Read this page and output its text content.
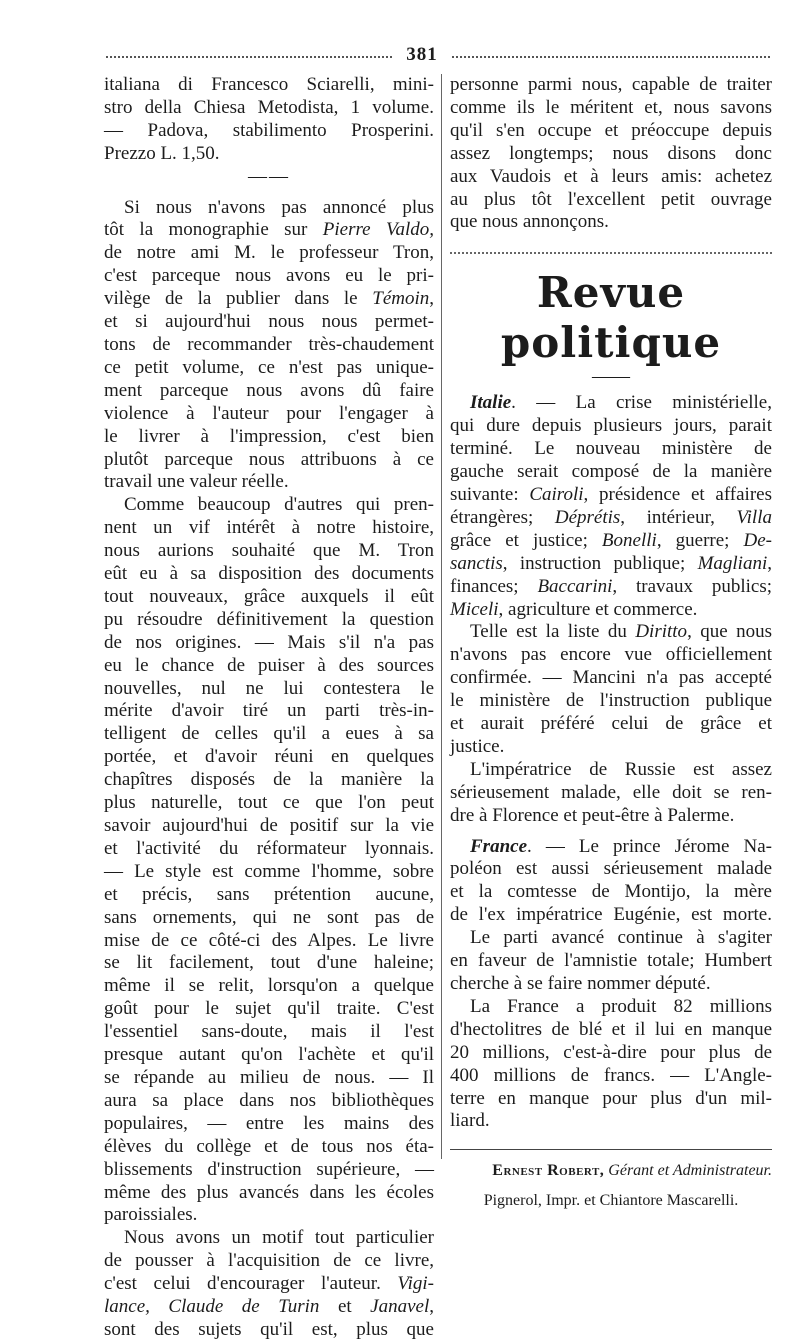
381
italiana di Francesco Sciarelli, mini-
stro della Chiesa Metodista, 1 volume.
— Padova, stabilimento Prosperini.
Prezzo L. 1,50.
——
Si nous n'avons pas annoncé plus
tôt la monographie sur Pierre Valdo,
de notre ami M. le professeur Tron,
c'est parceque nous avons eu le pri-
vilège de la publier dans le Témoin,
et si aujourd'hui nous nous permet-
tons de recommander très-chaudement
ce petit volume, ce n'est pas unique-
ment parceque nous avons dû faire
violence à l'auteur pour l'engager à
le livrer à l'impression, c'est bien
plutôt parceque nous attribuons à ce
travail une valeur réelle.
Comme beaucoup d'autres qui pren-
nent un vif intérêt à notre histoire,
nous aurions souhaité que M. Tron
eût eu à sa disposition des documents
tout nouveaux, grâce auxquels il eût
pu résoudre définitivement la question
de nos origines. — Mais s'il n'a pas
eu le chance de puiser à des sources
nouvelles, nul ne lui contestera le
mérite d'avoir tiré un parti très-in-
telligent de celles qu'il a eues à sa
portée, et d'avoir réuni en quelques
chapîtres disposés de la manière la
plus naturelle, tout ce que l'on peut
savoir aujourd'hui de positif sur la vie
et l'activité du réformateur lyonnais.
— Le style est comme l'homme, sobre
et précis, sans prétention aucune,
sans ornements, qui ne sont pas de
mise de ce côté-ci des Alpes. Le livre
se lit facilement, tout d'une haleine;
même il se relit, lorsqu'on a quelque
goût pour le sujet qu'il traite. C'est
l'essentiel sans-doute, mais il l'est
presque autant qu'on l'achète et qu'il
se répande au milieu de nous. — Il
aura sa place dans nos bibliothèques
populaires, — entre les mains des
élèves du collège et de tous nos éta-
blissements d'instruction supérieure, —
même des plus avancés dans les écoles
paroissiales.
Nous avons un motif tout particulier
de pousser à l'acquisition de ce livre,
c'est celui d'encourager l'auteur. Vigi-
lance, Claude de Turin et Janavel,
sont des sujets qu'il est, plus que
personne parmi nous, capable de traiter
comme ils le méritent et, nous savons
qu'il s'en occupe et préoccupe depuis
assez longtemps; nous disons donc
aux Vaudois et à leurs amis: achetez
au plus tôt l'excellent petit ouvrage
que nous annonçons.
Revue politique
——
Italie. — La crise ministérielle,
qui dure depuis plusieurs jours, parait
terminé. Le nouveau ministère de
gauche serait composé de la manière
suivante: Cairoli, présidence et affaires
étrangères; Déprétis, intérieur, Villa
grâce et justice; Bonelli, guerre; De-
sanctis, instruction publique; Magliani,
finances; Baccarini, travaux publics;
Miceli, agriculture et commerce.
Telle est la liste du Diritto, que nous
n'avons pas encore vue officiellement
confirmée. — Mancini n'a pas accepté
le ministère de l'instruction publique
et aurait préféré celui de grâce et
justice.
L'impératrice de Russie est assez
sérieusement malade, elle doit se ren-
dre à Florence et peut-être à Palerme.
France. — Le prince Jérome Na-
poléon est aussi sérieusement malade
et la comtesse de Montijo, la mère
de l'ex impératrice Eugénie, est morte.
Le parti avancé continue à s'agiter
en faveur de l'amnistie totale; Humbert
cherche à se faire nommer député.
La France a produit 82 millions
d'hectolitres de blé et il lui en manque
20 millions, c'est-à-dire pour plus de
400 millions de francs. — L'Angle-
terre en manque pour plus d'un mil-
liard.
Ernest Robert, Gérant et Administrateur.
Pignerol, Impr. et Chiantore Mascarelli.
